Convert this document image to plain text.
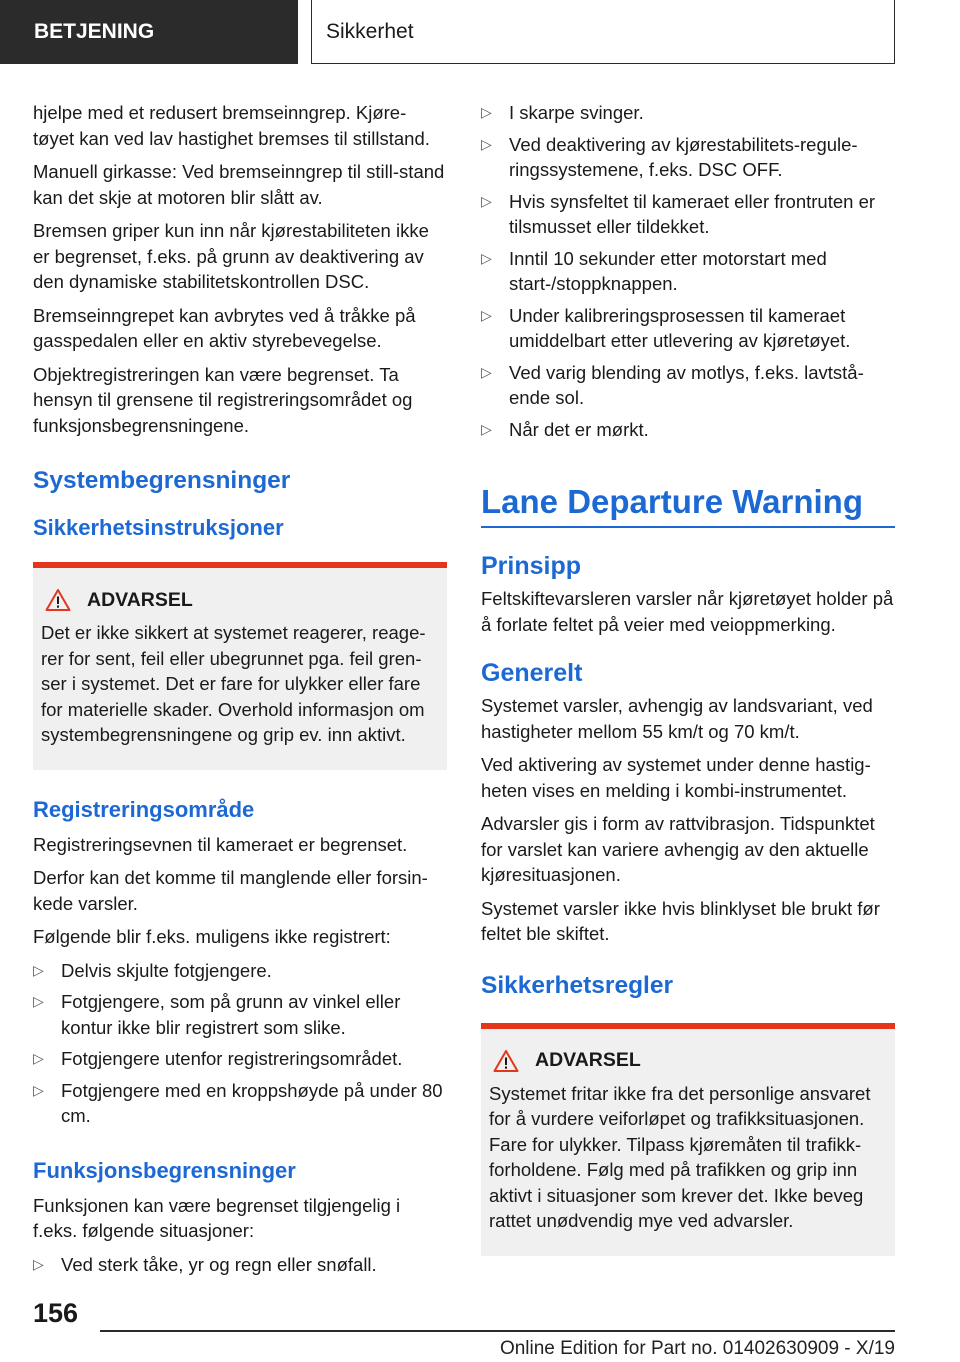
BETJENING	Sikkerhet

hjelpe med et redusert bremseinngrep. Kjøre-tøyet kan ved lav hastighet bremses til stillstand.

Manuell girkasse: Ved bremseinngrep til still-stand kan det skje at motoren blir slått av.

Bremsen griper kun inn når kjørestabiliteten ikke er begrenset, f.eks. på grunn av deaktivering av den dynamiske stabilitetskontrollen DSC.

Bremseinngrepet kan avbrytes ved å tråkke på gasspedalen eller en aktiv styrebevegelse.

Objektregistreringen kan være begrenset. Ta hensyn til grensene til registreringsområdet og funksjonsbegrensningene.

Systembegrensninger
Sikkerhetsinstruksjoner
ADVARSEL

Det er ikke sikkert at systemet reagerer, reage-rer for sent, feil eller ubegrunnet pga. feil gren-ser i systemet. Det er fare for ulykker eller fare for materielle skader. Overhold informasjon om systembegrensningene og grip ev. inn aktivt.

Registreringsområde

Registreringsevnen til kameraet er begrenset.

Derfor kan det komme til manglende eller forsin-kede varsler.

Følgende blir f.eks. muligens ikke registrert:

▷ Delvis skjulte fotgjengere.
▷ Fotgjengere, som på grunn av vinkel eller kontur ikke blir registrert som slike.
▷ Fotgjengere utenfor registreringsområdet.
▷ Fotgjengere med en kroppshøyde på under 80 cm.
Funksjonsbegrensninger

Funksjonen kan være begrenset tilgjengelig i f.eks. følgende situasjoner:

▷ Ved sterk tåke, yr og regn eller snøfall.
▷ I skarpe svinger.
▷ Ved deaktivering av kjørestabilitets-regule-ringssystemene, f.eks. DSC OFF.
▷ Hvis synsfeltet til kameraet eller frontruten er tilsmusset eller tildekket.
▷ Inntil 10 sekunder etter motorstart med start-/stoppknappen.
▷ Under kalibreringsprosessen til kameraet umiddelbart etter utlevering av kjøretøyet.
▷ Ved varig blending av motlys, f.eks. lavtstå-ende sol.
▷ Når det er mørkt.
Lane Departure Warning
Prinsipp

Feltskiftevarsleren varsler når kjøretøyet holder på å forlate feltet på veier med veioppmerking.

Generelt

Systemet varsler, avhengig av landsvariant, ved hastigheter mellom 55 km/t og 70 km/t.

Ved aktivering av systemet under denne hastig-heten vises en melding i kombi-instrumentet.

Advarsler gis i form av rattvibrasjon. Tidspunktet for varslet kan variere avhengig av den aktuelle kjøresituasjonen.

Systemet varsler ikke hvis blinklyset ble brukt før feltet ble skiftet.

Sikkerhetsregler
ADVARSEL

Systemet fritar ikke fra det personlige ansvaret for å vurdere veiforløpet og trafikksituasjonen. Fare for ulykker. Tilpass kjøremåten til trafikk-forholdene. Følg med på trafikken og grip inn aktivt i situasjoner som krever det. Ikke beveg rattet unødvendig mye ved advarsler.

156
Online Edition for Part no. 01402630909 - X/19
